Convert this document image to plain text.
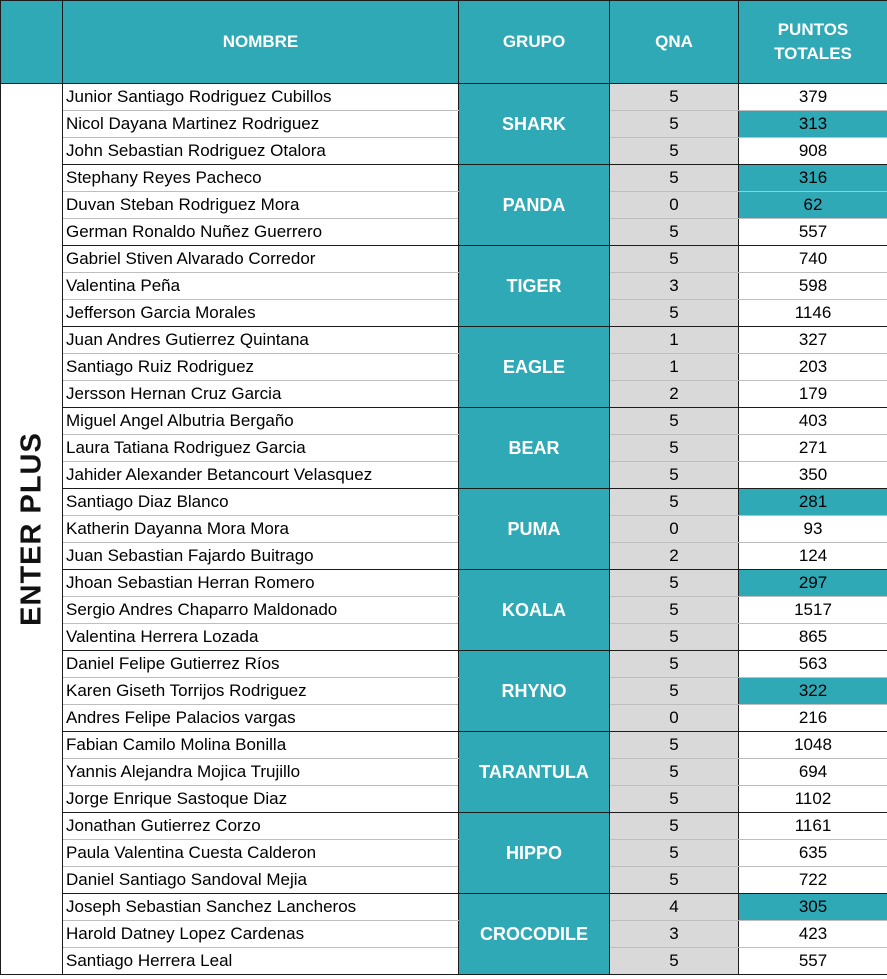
	NOMBRE	GRUPO	QNA	PUNTOS
TOTALES

ENTER PLUS	Junior Santiago Rodriguez Cubillos	SHARK	5	379
	Nicol Dayana Martinez Rodriguez		5	313
	John Sebastian Rodriguez Otalora		5	908
	Stephany Reyes Pacheco	PANDA	5	316
	Duvan Steban Rodriguez Mora		0	62
	German Ronaldo Nuñez Guerrero		5	557
	Gabriel Stiven Alvarado Corredor	TIGER	5	740
	Valentina Peña		3	598
	Jefferson Garcia Morales		5	1146
	Juan Andres Gutierrez Quintana	EAGLE	1	327
	Santiago Ruiz Rodriguez		1	203
	Jersson Hernan Cruz Garcia		2	179
	Miguel Angel Albutria Bergaño	BEAR	5	403
	Laura Tatiana Rodriguez Garcia		5	271
	Jahider Alexander Betancourt Velasquez		5	350
	Santiago Diaz Blanco	PUMA	5	281
	Katherin Dayanna Mora Mora		0	93
	Juan Sebastian Fajardo Buitrago		2	124
	Jhoan Sebastian Herran Romero	KOALA	5	297
	Sergio Andres Chaparro Maldonado		5	1517
	Valentina Herrera Lozada		5	865
	Daniel Felipe Gutierrez Ríos	RHYNO	5	563
	Karen Giseth Torrijos Rodriguez		5	322
	Andres Felipe Palacios vargas		0	216
	Fabian Camilo Molina Bonilla	TARANTULA	5	1048
	Yannis Alejandra Mojica Trujillo		5	694
	Jorge Enrique Sastoque Diaz		5	1102
	Jonathan Gutierrez Corzo	HIPPO	5	1161
	Paula Valentina Cuesta Calderon		5	635
	Daniel Santiago Sandoval Mejia		5	722
	Joseph Sebastian Sanchez Lancheros	CROCODILE	4	305
	Harold Datney Lopez Cardenas		3	423
	Santiago Herrera Leal		5	557
